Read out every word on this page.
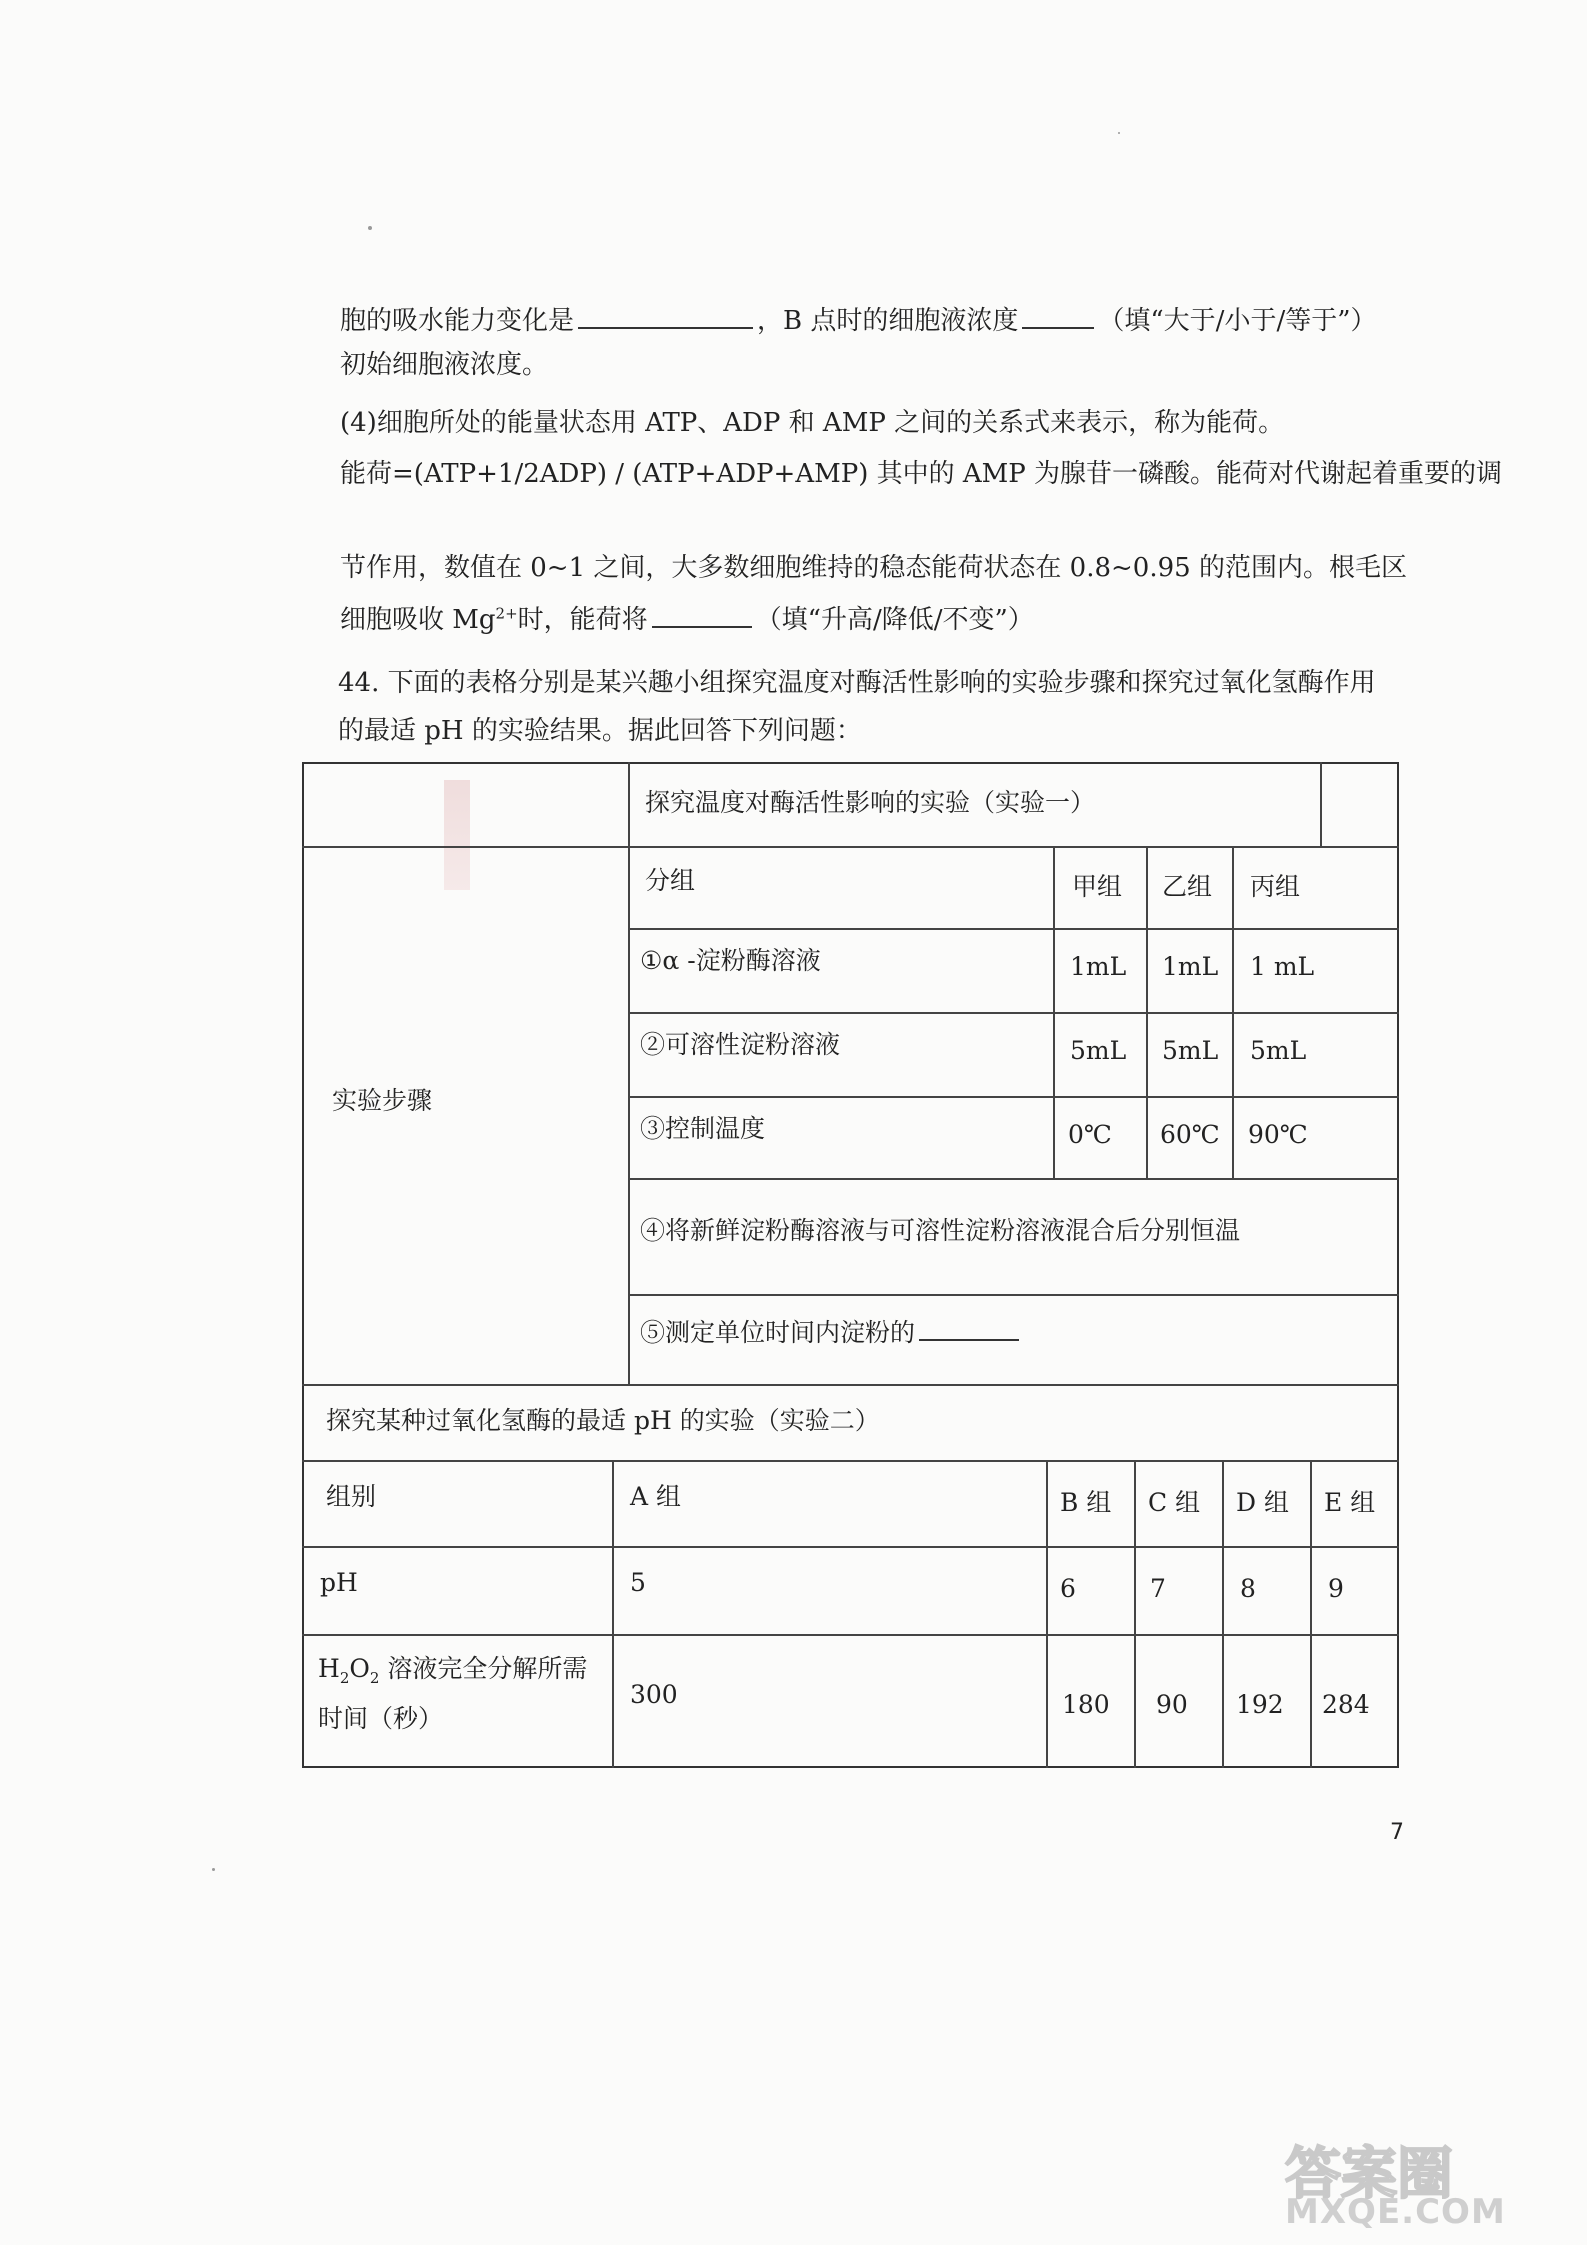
胞的吸水能力变化是	，B 点时的细胞液浓度	（填“大于/小于/等于”）
初始细胞液浓度。
(4)细胞所处的能量状态用 ATP、ADP 和 AMP 之间的关系式来表示，称为能荷。
能荷=(ATP+1/2ADP) / (ATP+ADP+AMP) 其中的 AMP 为腺苷一磷酸。能荷对代谢起着重要的调
节作用，数值在 0~1 之间，大多数细胞维持的稳态能荷状态在 0.8~0.95 的范围内。根毛区
细胞吸收 $Mg^{2+}$时，能荷将	（填“升高/降低/不变”）
44. 下面的表格分别是某兴趣小组探究温度对酶活性影响的实验步骤和探究过氧化氢酶作用
的最适 pH 的实验结果。据此回答下列问题：
探究温度对酶活性影响的实验（实验一）
实验步骤
分组	甲组 乙组 丙组
①α -淀粉酶溶液	1mL 1mL 1 mL
②可溶性淀粉溶液	5mL 5mL 5mL
③控制温度	0℃ 60℃ 90℃
④将新鲜淀粉酶溶液与可溶性淀粉溶液混合后分别恒温
⑤测定单位时间内淀粉的
探究某种过氧化氢酶的最适 pH 的实验（实验二）
组别	A 组	B 组 C 组 D 组 E 组
pH	5	6	7	8	9
$H_2O_2$ 溶液完全分解所需
时间（秒）
300	180 90 192 284
7
答案圈
MXQE.COM
